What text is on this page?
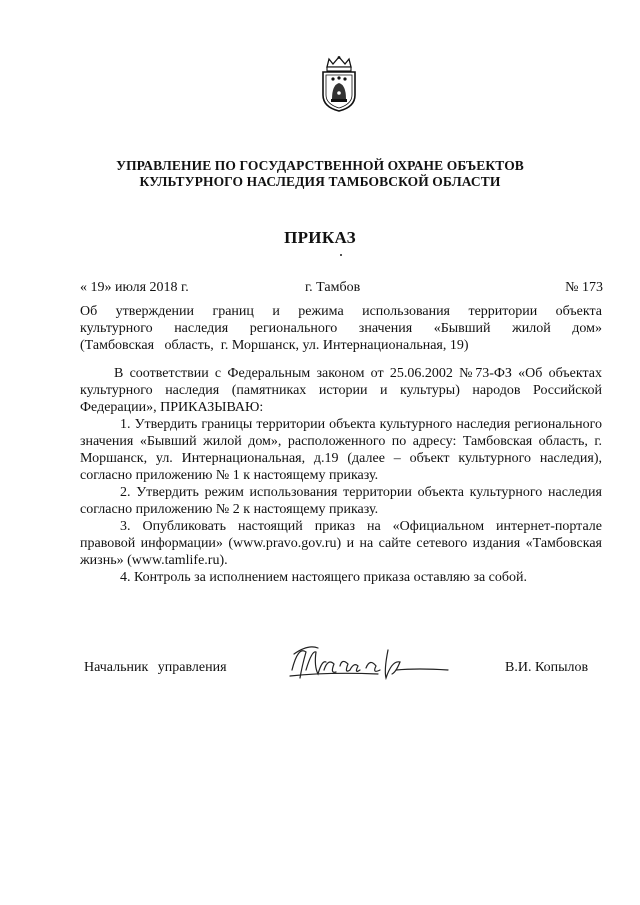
УПРАВЛЕНИЕ ПО ГОСУДАРСТВЕННОЙ ОХРАНЕ ОБЪЕКТОВ
КУЛЬТУРНОГО НАСЛЕДИЯ ТАМБОВСКОЙ ОБЛАСТИ
ПРИКАЗ
« 19» июля 2018 г.	г. Тамбов	№ 173
Об утверждении границ и режима использования территории объекта
культурного наследия регионального значения «Бывший жилой дом»
(Тамбовская   область,  г. Моршанск, ул. Интернациональная, 19)

В соответствии с Федеральным законом от 25.06.2002 №73-ФЗ «Об объектах культурного наследия (памятниках истории и культуры) народов Российской Федерации», ПРИКАЗЫВАЮ:

1. Утвердить границы территории объекта культурного наследия регионального значения «Бывший жилой дом», расположенного по адресу: Тамбовская область, г. Моршанск, ул. Интернациональная, д.19 (далее – объект культурного наследия), согласно приложению № 1 к настоящему приказу.

2. Утвердить режим использования территории объекта культурного наследия согласно приложению № 2 к настоящему приказу.

3. Опубликовать настоящий приказ на «Официальном интернет-портале правовой информации» (www.pravo.gov.ru) и на сайте сетевого издания «Тамбовская жизнь» (www.tamlife.ru).

4. Контроль за исполнением настоящего приказа оставляю за собой.

Начальник управления	В.И. Копылов
